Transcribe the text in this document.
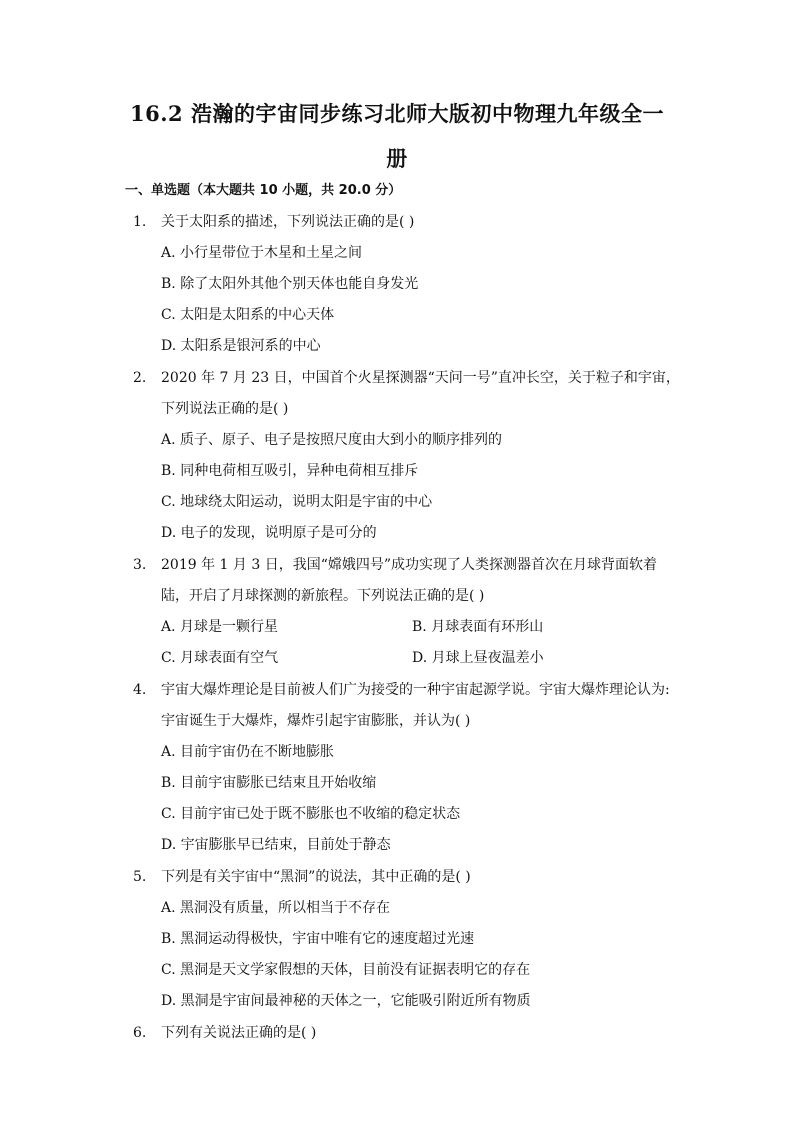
16.2 浩瀚的宇宙同步练习北师大版初中物理九年级全一
册
一、单选题（本大题共 10 小题，共 20.0 分）
1. 关于太阳系的描述，下列说法正确的是( )
A. 小行星带位于木星和土星之间
B. 除了太阳外其他个别天体也能自身发光
C. 太阳是太阳系的中心天体
D. 太阳系是银河系的中心
2. 2020 年 7 月 23 日，中国首个火星探测器“天问一号”直冲长空，关于粒子和宇宙，
下列说法正确的是( )
A. 质子、原子、电子是按照尺度由大到小的顺序排列的
B. 同种电荷相互吸引，异种电荷相互排斥
C. 地球绕太阳运动，说明太阳是宇宙的中心
D. 电子的发现，说明原子是可分的
3. 2019 年 1 月 3 日，我国“嫦娥四号”成功实现了人类探测器首次在月球背面软着
陆，开启了月球探测的新旅程。下列说法正确的是( )
A. 月球是一颗行星	B. 月球表面有环形山
C. 月球表面有空气	D. 月球上昼夜温差小
4. 宇宙大爆炸理论是目前被人们广为接受的一种宇宙起源学说。宇宙大爆炸理论认为:
宇宙诞生于大爆炸，爆炸引起宇宙膨胀，并认为( )
A. 目前宇宙仍在不断地膨胀
B. 目前宇宙膨胀已结束且开始收缩
C. 目前宇宙已处于既不膨胀也不收缩的稳定状态
D. 宇宙膨胀早已结束，目前处于静态
5. 下列是有关宇宙中“黑洞”的说法，其中正确的是( )
A. 黑洞没有质量，所以相当于不存在
B. 黑洞运动得极快，宇宙中唯有它的速度超过光速
C. 黑洞是天文学家假想的天体，目前没有证据表明它的存在
D. 黑洞是宇宙间最神秘的天体之一，它能吸引附近所有物质
6. 下列有关说法正确的是( )
